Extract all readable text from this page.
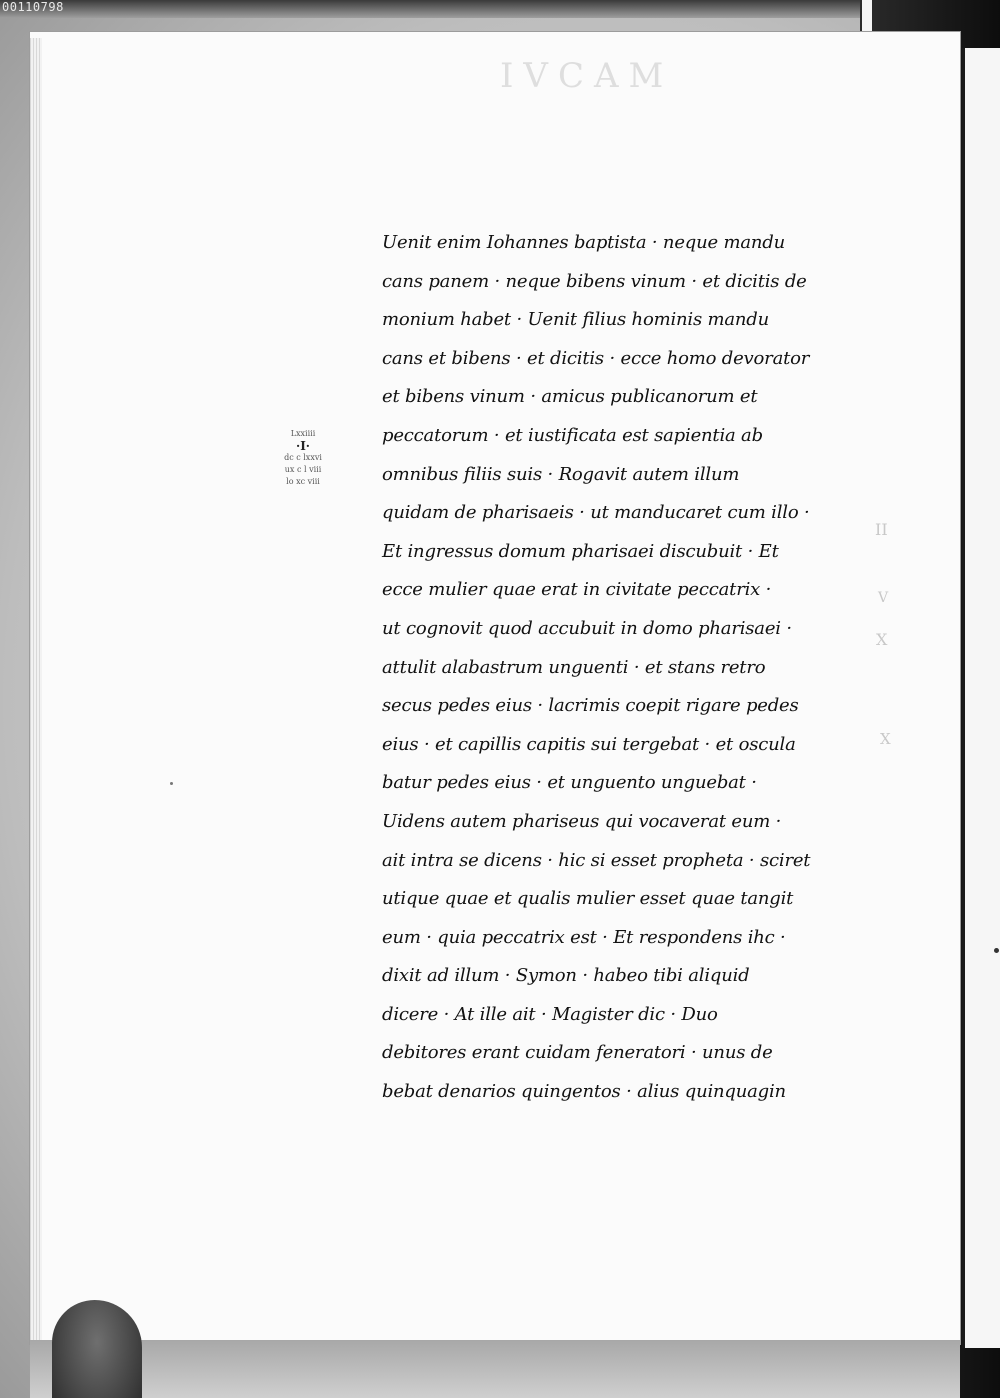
00110798
IVCAM
Lxxiiii
·I·
dc c lxxvi
ux c l viii
lo xc viii
Uenit enim Iohannes baptista · neque mandu
cans panem · neque bibens vinum · et dicitis de
monium habet · Uenit filius hominis mandu
cans et bibens · et dicitis · ecce homo devorator
et bibens vinum · amicus publicanorum et
peccatorum · et iustificata est sapientia ab
omnibus filiis suis · Rogavit autem illum
quidam de pharisaeis · ut manducaret cum illo ·
Et ingressus domum pharisaei discubuit · Et
ecce mulier quae erat in civitate peccatrix ·
ut cognovit quod accubuit in domo pharisaei ·
attulit alabastrum unguenti · et stans retro
secus pedes eius · lacrimis coepit rigare pedes
eius · et capillis capitis sui tergebat · et oscula
batur pedes eius · et unguento unguebat ·
Uidens autem phariseus qui vocaverat eum ·
ait intra se dicens · hic si esset propheta · sciret
utique quae et qualis mulier esset quae tangit
eum · quia peccatrix est · Et respondens ihc ·
dixit ad illum · Symon · habeo tibi aliquid
dicere · At ille ait · Magister dic · Duo
debitores erant cuidam feneratori · unus de
bebat denarios quingentos · alius quinquagin
II
V
X
X
